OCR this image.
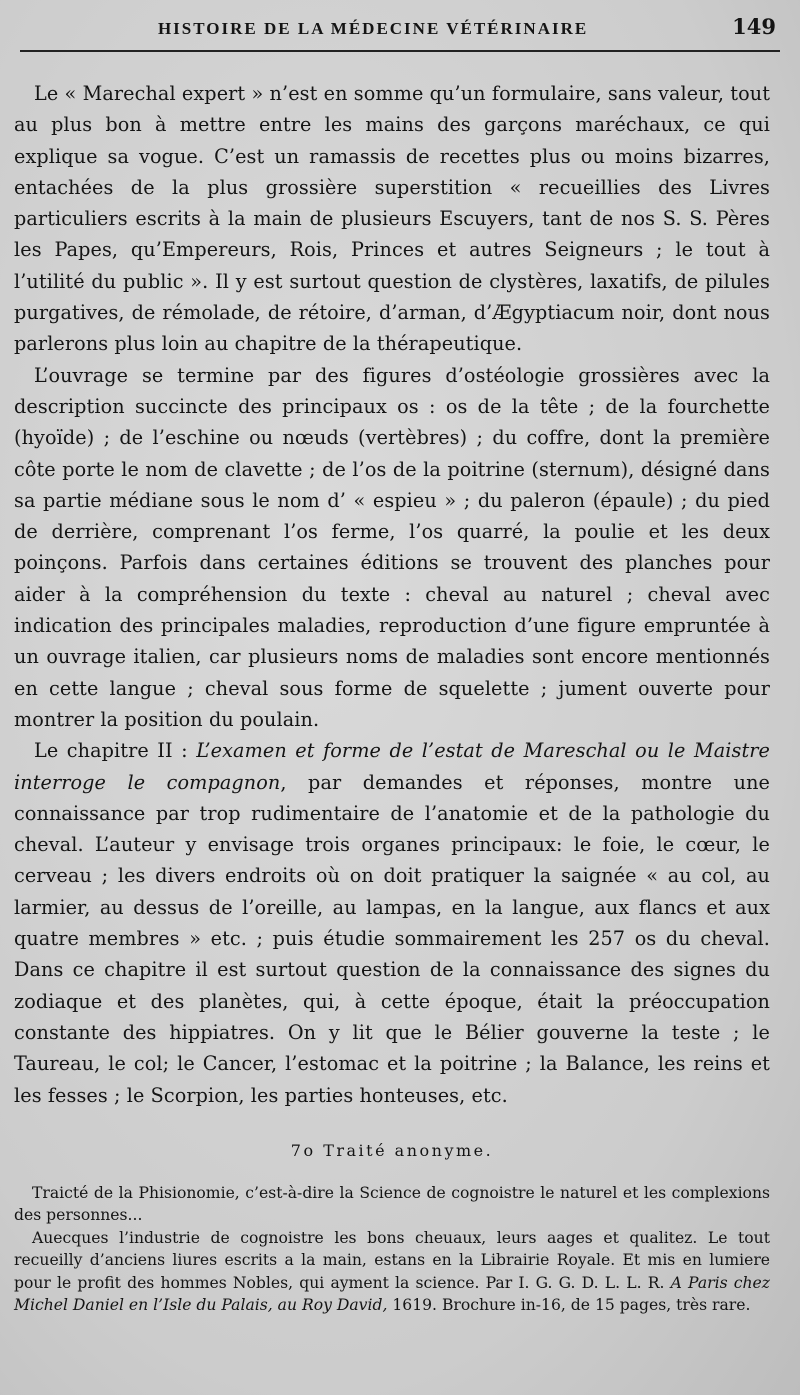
HISTOIRE DE LA MÉDECINE VÉTÉRINAIRE	149

Le « Marechal expert » n’est en somme qu’un formulaire, sans valeur, tout au plus bon à mettre entre les mains des garçons maréchaux, ce qui explique sa vogue. C’est un ramassis de recettes plus ou moins bizarres, entachées de la plus grossière superstition « recueillies des Livres particuliers escrits à la main de plusieurs Escuyers, tant de nos S. S. Pères les Papes, qu’Empereurs, Rois, Princes et autres Seigneurs ; le tout à l’utilité du public ». Il y est surtout question de clystères, laxatifs, de pilules purgatives, de rémolade, de rétoire, d’arman, d’Ægyptiacum noir, dont nous parlerons plus loin au chapitre de la thérapeutique.

L’ouvrage se termine par des figures d’ostéologie grossières avec la description succincte des principaux os : os de la tête ; de la fourchette (hyoïde) ; de l’eschine ou nœuds (vertèbres) ; du coffre, dont la première côte porte le nom de clavette ; de l’os de la poitrine (sternum), désigné dans sa partie médiane sous le nom d’ « espieu » ; du paleron (épaule) ; du pied de derrière, comprenant l’os ferme, l’os quarré, la poulie et les deux poinçons. Parfois dans certaines éditions se trouvent des planches pour aider à la compréhension du texte : cheval au naturel ; cheval avec indication des principales maladies, reproduction d’une figure empruntée à un ouvrage italien, car plusieurs noms de maladies sont encore mentionnés en cette langue ; cheval sous forme de squelette ; jument ouverte pour montrer la position du poulain.

Le chapitre II : L’examen et forme de l’estat de Mareschal ou le Maistre interroge le compagnon, par demandes et réponses, montre une connaissance par trop rudimentaire de l’anatomie et de la pathologie du cheval. L’auteur y envisage trois organes principaux: le foie, le cœur, le cerveau ; les divers endroits où on doit pratiquer la saignée « au col, au larmier, au dessus de l’oreille, au lampas, en la langue, aux flancs et aux quatre membres » etc. ; puis étudie sommairement les 257 os du cheval. Dans ce chapitre il est surtout question de la connaissance des signes du zodiaque et des planètes, qui, à cette époque, était la préoccupation constante des hippiatres. On y lit que le Bélier gouverne la teste ; le Taureau, le col; le Cancer, l’estomac et la poitrine ; la Balance, les reins et les fesses ; le Scorpion, les parties honteuses, etc.

7o Traité anonyme.

Traicté de la Phisionomie, c’est-à-dire la Science de cognoistre le naturel et les complexions des personnes...

Auecques l’industrie de cognoistre les bons cheuaux, leurs aages et qualitez. Le tout recueilly d’anciens liures escrits a la main, estans en la Librairie Royale. Et mis en lumiere pour le profit des hommes Nobles, qui ayment la science. Par I. G. G. D. L. L. R. A Paris chez Michel Daniel en l’Isle du Palais, au Roy David, 1619. Brochure in-16, de 15 pages, très rare.
